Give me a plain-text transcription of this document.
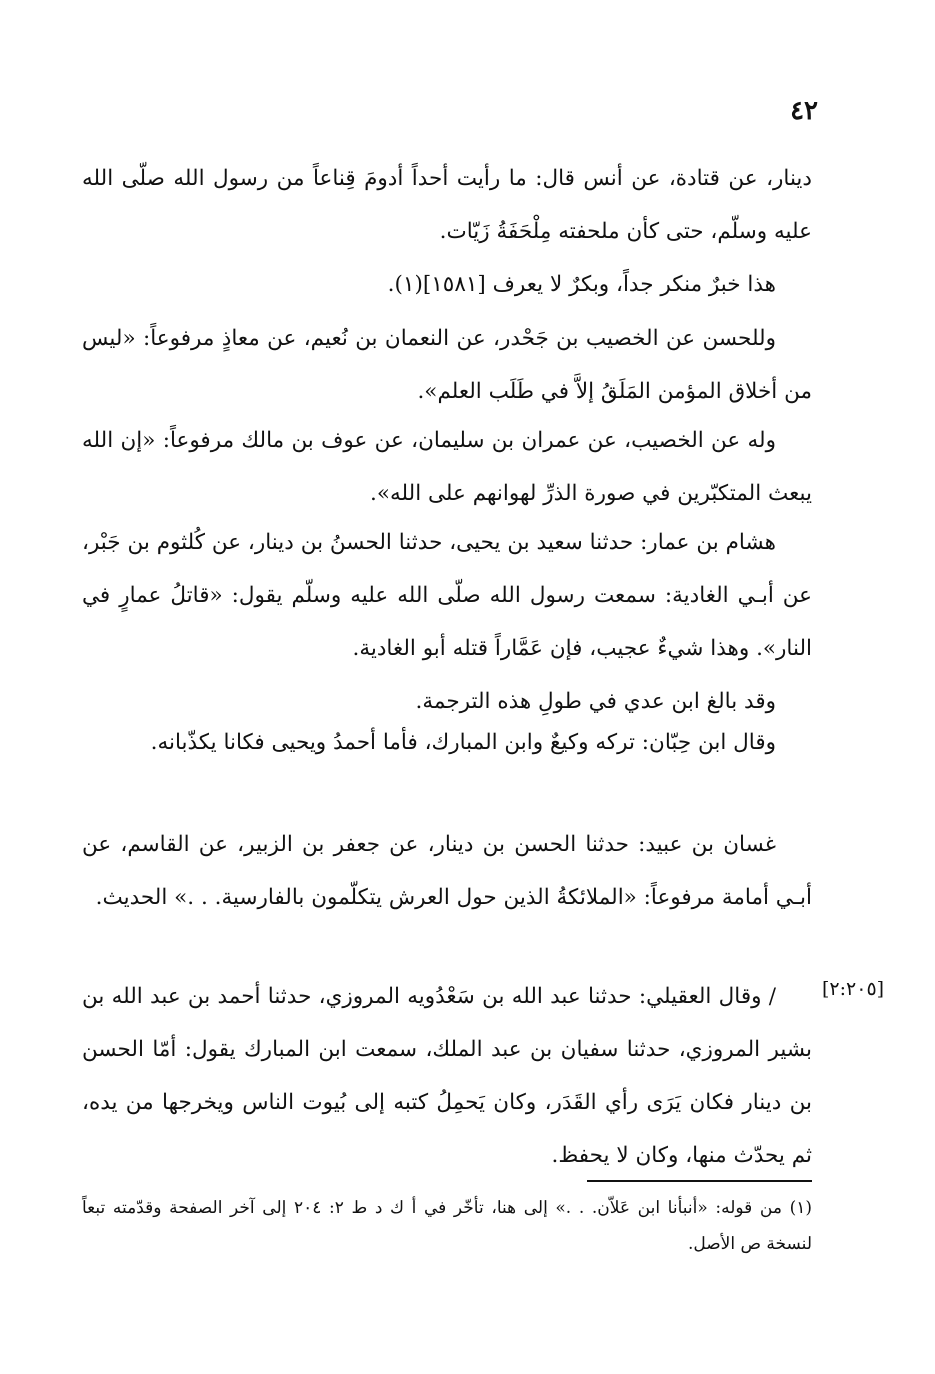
٤٢

دينار، عن قتادة، عن أنس قال: ما رأيت أحداً أدومَ قِناعاً من رسول الله صلّى الله عليه وسلّم، حتى كأن ملحفته مِلْحَفَةُ زَيّات.

هذا خبرٌ منكر جداً، وبكرٌ لا يعرف [١٥٨١](١).

وللحسن عن الخصيب بن جَحْدر، عن النعمان بن نُعيم، عن معاذٍ مرفوعاً: «ليس من أخلاق المؤمن المَلَقُ إلاَّ في طَلَب العلم».

وله عن الخصيب، عن عمران بن سليمان، عن عوف بن مالك مرفوعاً: «إن الله يبعث المتكبّرين في صورة الذرِّ لهوانهم على الله».

هشام بن عمار: حدثنا سعيد بن يحيى، حدثنا الحسنُ بن دينار، عن كُلثوم بن جَبْر، عن أبـي الغادية: سمعت رسول الله صلّى الله عليه وسلّم يقول: «قاتلُ عمارٍ في النار». وهذا شيءٌ عجيب، فإن عَمَّاراً قتله أبو الغادية.

وقد بالغ ابن عدي في طولِ هذه الترجمة.

وقال ابن حِبّان: تركه وكيعٌ وابن المبارك، فأما أحمدُ ويحيى فكانا يكذّبانه.

غسان بن عبيد: حدثنا الحسن بن دينار، عن جعفر بن الزبير، عن القاسم، عن أبـي أمامة مرفوعاً: «الملائكةُ الذين حول العرش يتكلّمون بالفارسية. . .» الحديث.

[٢:٢٠٥]

/ وقال العقيلي: حدثنا عبد الله بن سَعْدُويه المروزي، حدثنا أحمد بن عبد الله بن بشير المروزي، حدثنا سفيان بن عبد الملك، سمعت ابن المبارك يقول: أمّا الحسن بن دينار فكان يَرَى رأي القَدَر، وكان يَحمِلُ كتبه إلى بُيوت الناس ويخرجها من يده، ثم يحدّث منها، وكان لا يحفظ.

(١) من قوله: «أنبأنا ابن عَلاّن. . .» إلى هنا، تأخّر في أ ك د ط ٢: ٢٠٤ إلى آخر الصفحة وقدّمته تبعاً لنسخة ص الأصل.
